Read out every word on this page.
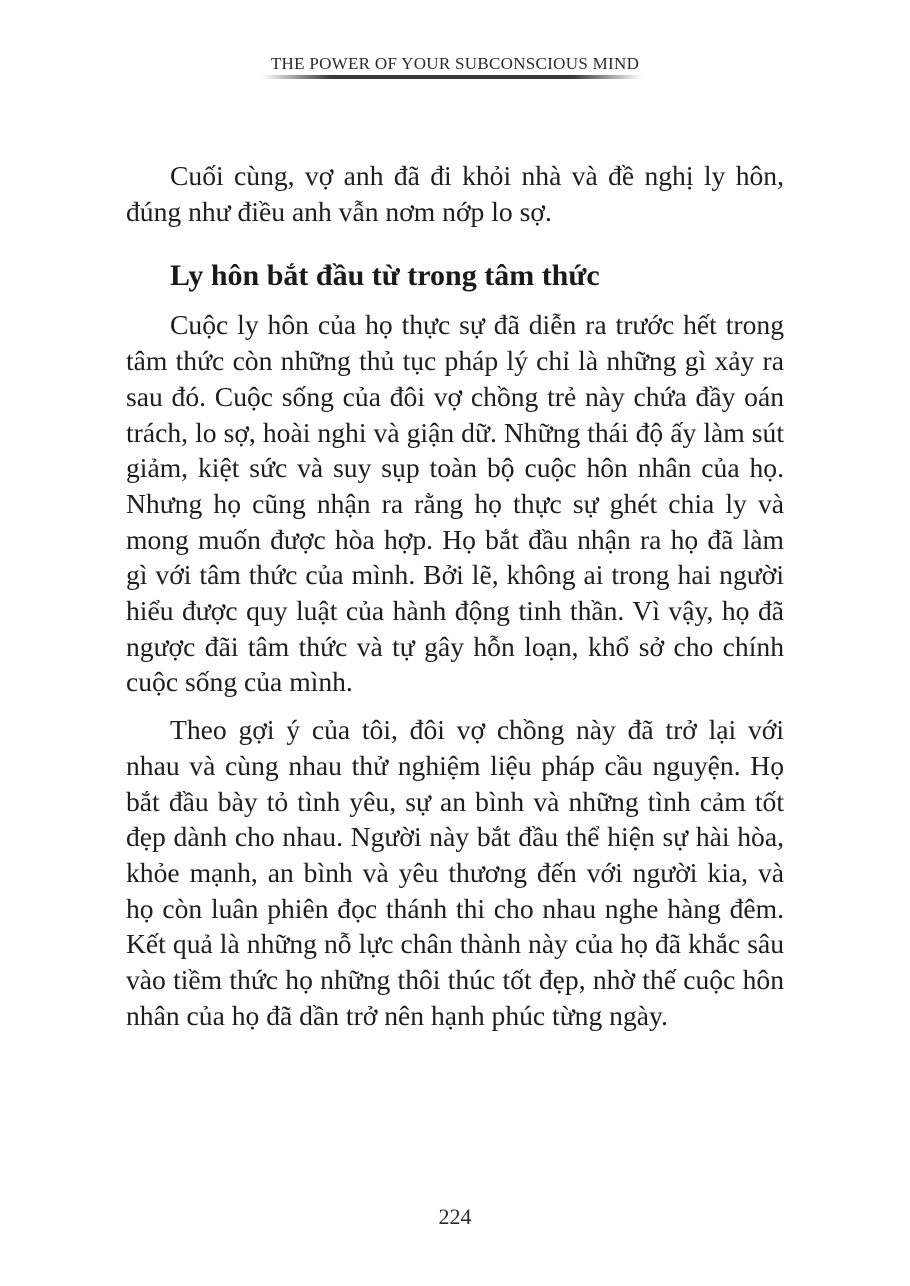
THE POWER OF YOUR SUBCONSCIOUS MIND

Cuối cùng, vợ anh đã đi khỏi nhà và đề nghị ly hôn, đúng như điều anh vẫn nơm nớp lo sợ.

Ly hôn bắt đầu từ trong tâm thức

Cuộc ly hôn của họ thực sự đã diễn ra trước hết trong tâm thức còn những thủ tục pháp lý chỉ là những gì xảy ra sau đó. Cuộc sống của đôi vợ chồng trẻ này chứa đầy oán trách, lo sợ, hoài nghi và giận dữ. Những thái độ ấy làm sút giảm, kiệt sức và suy sụp toàn bộ cuộc hôn nhân của họ. Nhưng họ cũng nhận ra rằng họ thực sự ghét chia ly và mong muốn được hòa hợp. Họ bắt đầu nhận ra họ đã làm gì với tâm thức của mình. Bởi lẽ, không ai trong hai người hiểu được quy luật của hành động tinh thần. Vì vậy, họ đã ngược đãi tâm thức và tự gây hỗn loạn, khổ sở cho chính cuộc sống của mình.

Theo gợi ý của tôi, đôi vợ chồng này đã trở lại với nhau và cùng nhau thử nghiệm liệu pháp cầu nguyện. Họ bắt đầu bày tỏ tình yêu, sự an bình và những tình cảm tốt đẹp dành cho nhau. Người này bắt đầu thể hiện sự hài hòa, khỏe mạnh, an bình và yêu thương đến với người kia, và họ còn luân phiên đọc thánh thi cho nhau nghe hàng đêm. Kết quả là những nỗ lực chân thành này của họ đã khắc sâu vào tiềm thức họ những thôi thúc tốt đẹp, nhờ thế cuộc hôn nhân của họ đã dần trở nên hạnh phúc từng ngày.

224
